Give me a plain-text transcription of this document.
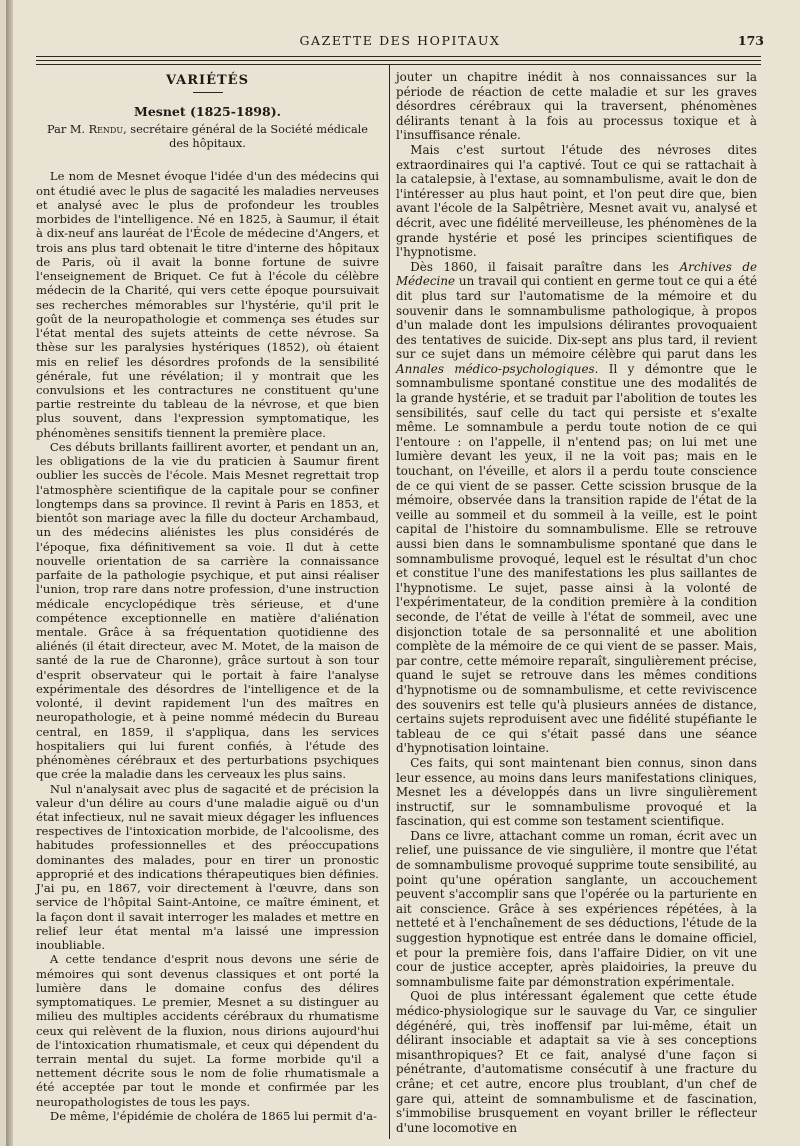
GAZETTE DES HOPITAUX	173
VARIÉTÉS
Mesnet (1825-1898).
Par M. Rendu, secrétaire général de la Société médicale des hôpitaux.

Le nom de Mesnet évoque l'idée d'un des médecins qui ont étudié avec le plus de sagacité les maladies nerveuses et analysé avec le plus de profondeur les troubles morbides de l'intelligence. Né en 1825, à Saumur, il était à dix-neuf ans lauréat de l'École de médecine d'Angers, et trois ans plus tard obtenait le titre d'interne des hôpitaux de Paris, où il avait la bonne fortune de suivre l'enseignement de Briquet. Ce fut à l'école du célèbre médecin de la Charité, qui vers cette époque poursuivait ses recherches mémorables sur l'hystérie, qu'il prit le goût de la neuropathologie et commença ses études sur l'état mental des sujets atteints de cette névrose. Sa thèse sur les paralysies hystériques (1852), où étaient mis en relief les désordres profonds de la sensibilité générale, fut une révélation; il y montrait que les convulsions et les contractures ne constituent qu'une partie restreinte du tableau de la névrose, et que bien plus souvent, dans l'expression symptomatique, les phénomènes sensitifs tiennent la première place.

Ces débuts brillants faillirent avorter, et pendant un an, les obligations de la vie du praticien à Saumur firent oublier les succès de l'école. Mais Mesnet regrettait trop l'atmosphère scientifique de la capitale pour se confiner longtemps dans sa province. Il revint à Paris en 1853, et bientôt son mariage avec la fille du docteur Archambaud, un des médecins aliénistes les plus considérés de l'époque, fixa définitivement sa voie. Il dut à cette nouvelle orientation de sa carrière la connaissance parfaite de la pathologie psychique, et put ainsi réaliser l'union, trop rare dans notre profession, d'une instruction médicale encyclopédique très sérieuse, et d'une compétence exceptionnelle en matière d'aliénation mentale. Grâce à sa fréquentation quotidienne des aliénés (il était directeur, avec M. Motet, de la maison de santé de la rue de Charonne), grâce surtout à son tour d'esprit observateur qui le portait à faire l'analyse expérimentale des désordres de l'intelligence et de la volonté, il devint rapidement l'un des maîtres en neuropathologie, et à peine nommé médecin du Bureau central, en 1859, il s'appliqua, dans les services hospitaliers qui lui furent confiés, à l'étude des phénomènes cérébraux et des perturbations psychiques que crée la maladie dans les cerveaux les plus sains.

Nul n'analysait avec plus de sagacité et de précision la valeur d'un délire au cours d'une maladie aiguë ou d'un état infectieux, nul ne savait mieux dégager les influences respectives de l'intoxication morbide, de l'alcoolisme, des habitudes professionnelles et des préoccupations dominantes des malades, pour en tirer un pronostic approprié et des indications thérapeutiques bien définies. J'ai pu, en 1867, voir directement à l'œuvre, dans son service de l'hôpital Saint-Antoine, ce maître éminent, et la façon dont il savait interroger les malades et mettre en relief leur état mental m'a laissé une impression inoubliable.

A cette tendance d'esprit nous devons une série de mémoires qui sont devenus classiques et ont porté la lumière dans le domaine confus des délires symptomatiques. Le premier, Mesnet a su distinguer au milieu des multiples accidents cérébraux du rhumatisme ceux qui relèvent de la fluxion, nous dirions aujourd'hui de l'intoxication rhumatismale, et ceux qui dépendent du terrain mental du sujet. La forme morbide qu'il a nettement décrite sous le nom de folie rhumatismale a été acceptée par tout le monde et confirmée par les neuropathologistes de tous les pays.

De même, l'épidémie de choléra de 1865 lui permit d'a-

jouter un chapitre inédit à nos connaissances sur la période de réaction de cette maladie et sur les graves désordres cérébraux qui la traversent, phénomènes délirants tenant à la fois au processus toxique et à l'insuffisance rénale.

Mais c'est surtout l'étude des névroses dites extraordinaires qui l'a captivé. Tout ce qui se rattachait à la catalepsie, à l'extase, au somnambulisme, avait le don de l'intéresser au plus haut point, et l'on peut dire que, bien avant l'école de la Salpêtrière, Mesnet avait vu, analysé et décrit, avec une fidélité merveilleuse, les phénomènes de la grande hystérie et posé les principes scientifiques de l'hypnotisme.

Dès 1860, il faisait paraître dans les Archives de Médecine un travail qui contient en germe tout ce qui a été dit plus tard sur l'automatisme de la mémoire et du souvenir dans le somnambulisme pathologique, à propos d'un malade dont les impulsions délirantes provoquaient des tentatives de suicide. Dix-sept ans plus tard, il revient sur ce sujet dans un mémoire célèbre qui parut dans les Annales médico-psychologiques. Il y démontre que le somnambulisme spontané constitue une des modalités de la grande hystérie, et se traduit par l'abolition de toutes les sensibilités, sauf celle du tact qui persiste et s'exalte même. Le somnambule a perdu toute notion de ce qui l'entoure : on l'appelle, il n'entend pas; on lui met une lumière devant les yeux, il ne la voit pas; mais en le touchant, on l'éveille, et alors il a perdu toute conscience de ce qui vient de se passer. Cette scission brusque de la mémoire, observée dans la transition rapide de l'état de la veille au sommeil et du sommeil à la veille, est le point capital de l'histoire du somnambulisme. Elle se retrouve aussi bien dans le somnambulisme spontané que dans le somnambulisme provoqué, lequel est le résultat d'un choc et constitue l'une des manifestations les plus saillantes de l'hypnotisme. Le sujet, passe ainsi à la volonté de l'expérimentateur, de la condition première à la condition seconde, de l'état de veille à l'état de sommeil, avec une disjonction totale de sa personnalité et une abolition complète de la mémoire de ce qui vient de se passer. Mais, par contre, cette mémoire reparaît, singulièrement précise, quand le sujet se retrouve dans les mêmes conditions d'hypnotisme ou de somnambulisme, et cette reviviscence des souvenirs est telle qu'à plusieurs années de distance, certains sujets reproduisent avec une fidélité stupéfiante le tableau de ce qui s'était passé dans une séance d'hypnotisation lointaine.

Ces faits, qui sont maintenant bien connus, sinon dans leur essence, au moins dans leurs manifestations cliniques, Mesnet les a développés dans un livre singulièrement instructif, sur le somnambulisme provoqué et la fascination, qui est comme son testament scientifique.

Dans ce livre, attachant comme un roman, écrit avec un relief, une puissance de vie singulière, il montre que l'état de somnambulisme provoqué supprime toute sensibilité, au point qu'une opération sanglante, un accouchement peuvent s'accomplir sans que l'opérée ou la parturiente en ait conscience. Grâce à ses expériences répétées, à la netteté et à l'enchaînement de ses déductions, l'étude de la suggestion hypnotique est entrée dans le domaine officiel, et pour la première fois, dans l'affaire Didier, on vit une cour de justice accepter, après plaidoiries, la preuve du somnambulisme faite par démonstration expérimentale.

Quoi de plus intéressant également que cette étude médico-physiologique sur le sauvage du Var, ce singulier dégénéré, qui, très inoffensif par lui-même, était un délirant insociable et adaptait sa vie à ses conceptions misanthropiques? Et ce fait, analysé d'une façon si pénétrante, d'automatisme consécutif à une fracture du crâne; et cet autre, encore plus troublant, d'un chef de gare qui, atteint de somnambulisme et de fascination, s'immobilise brusquement en voyant briller le réflecteur d'une locomotive en
